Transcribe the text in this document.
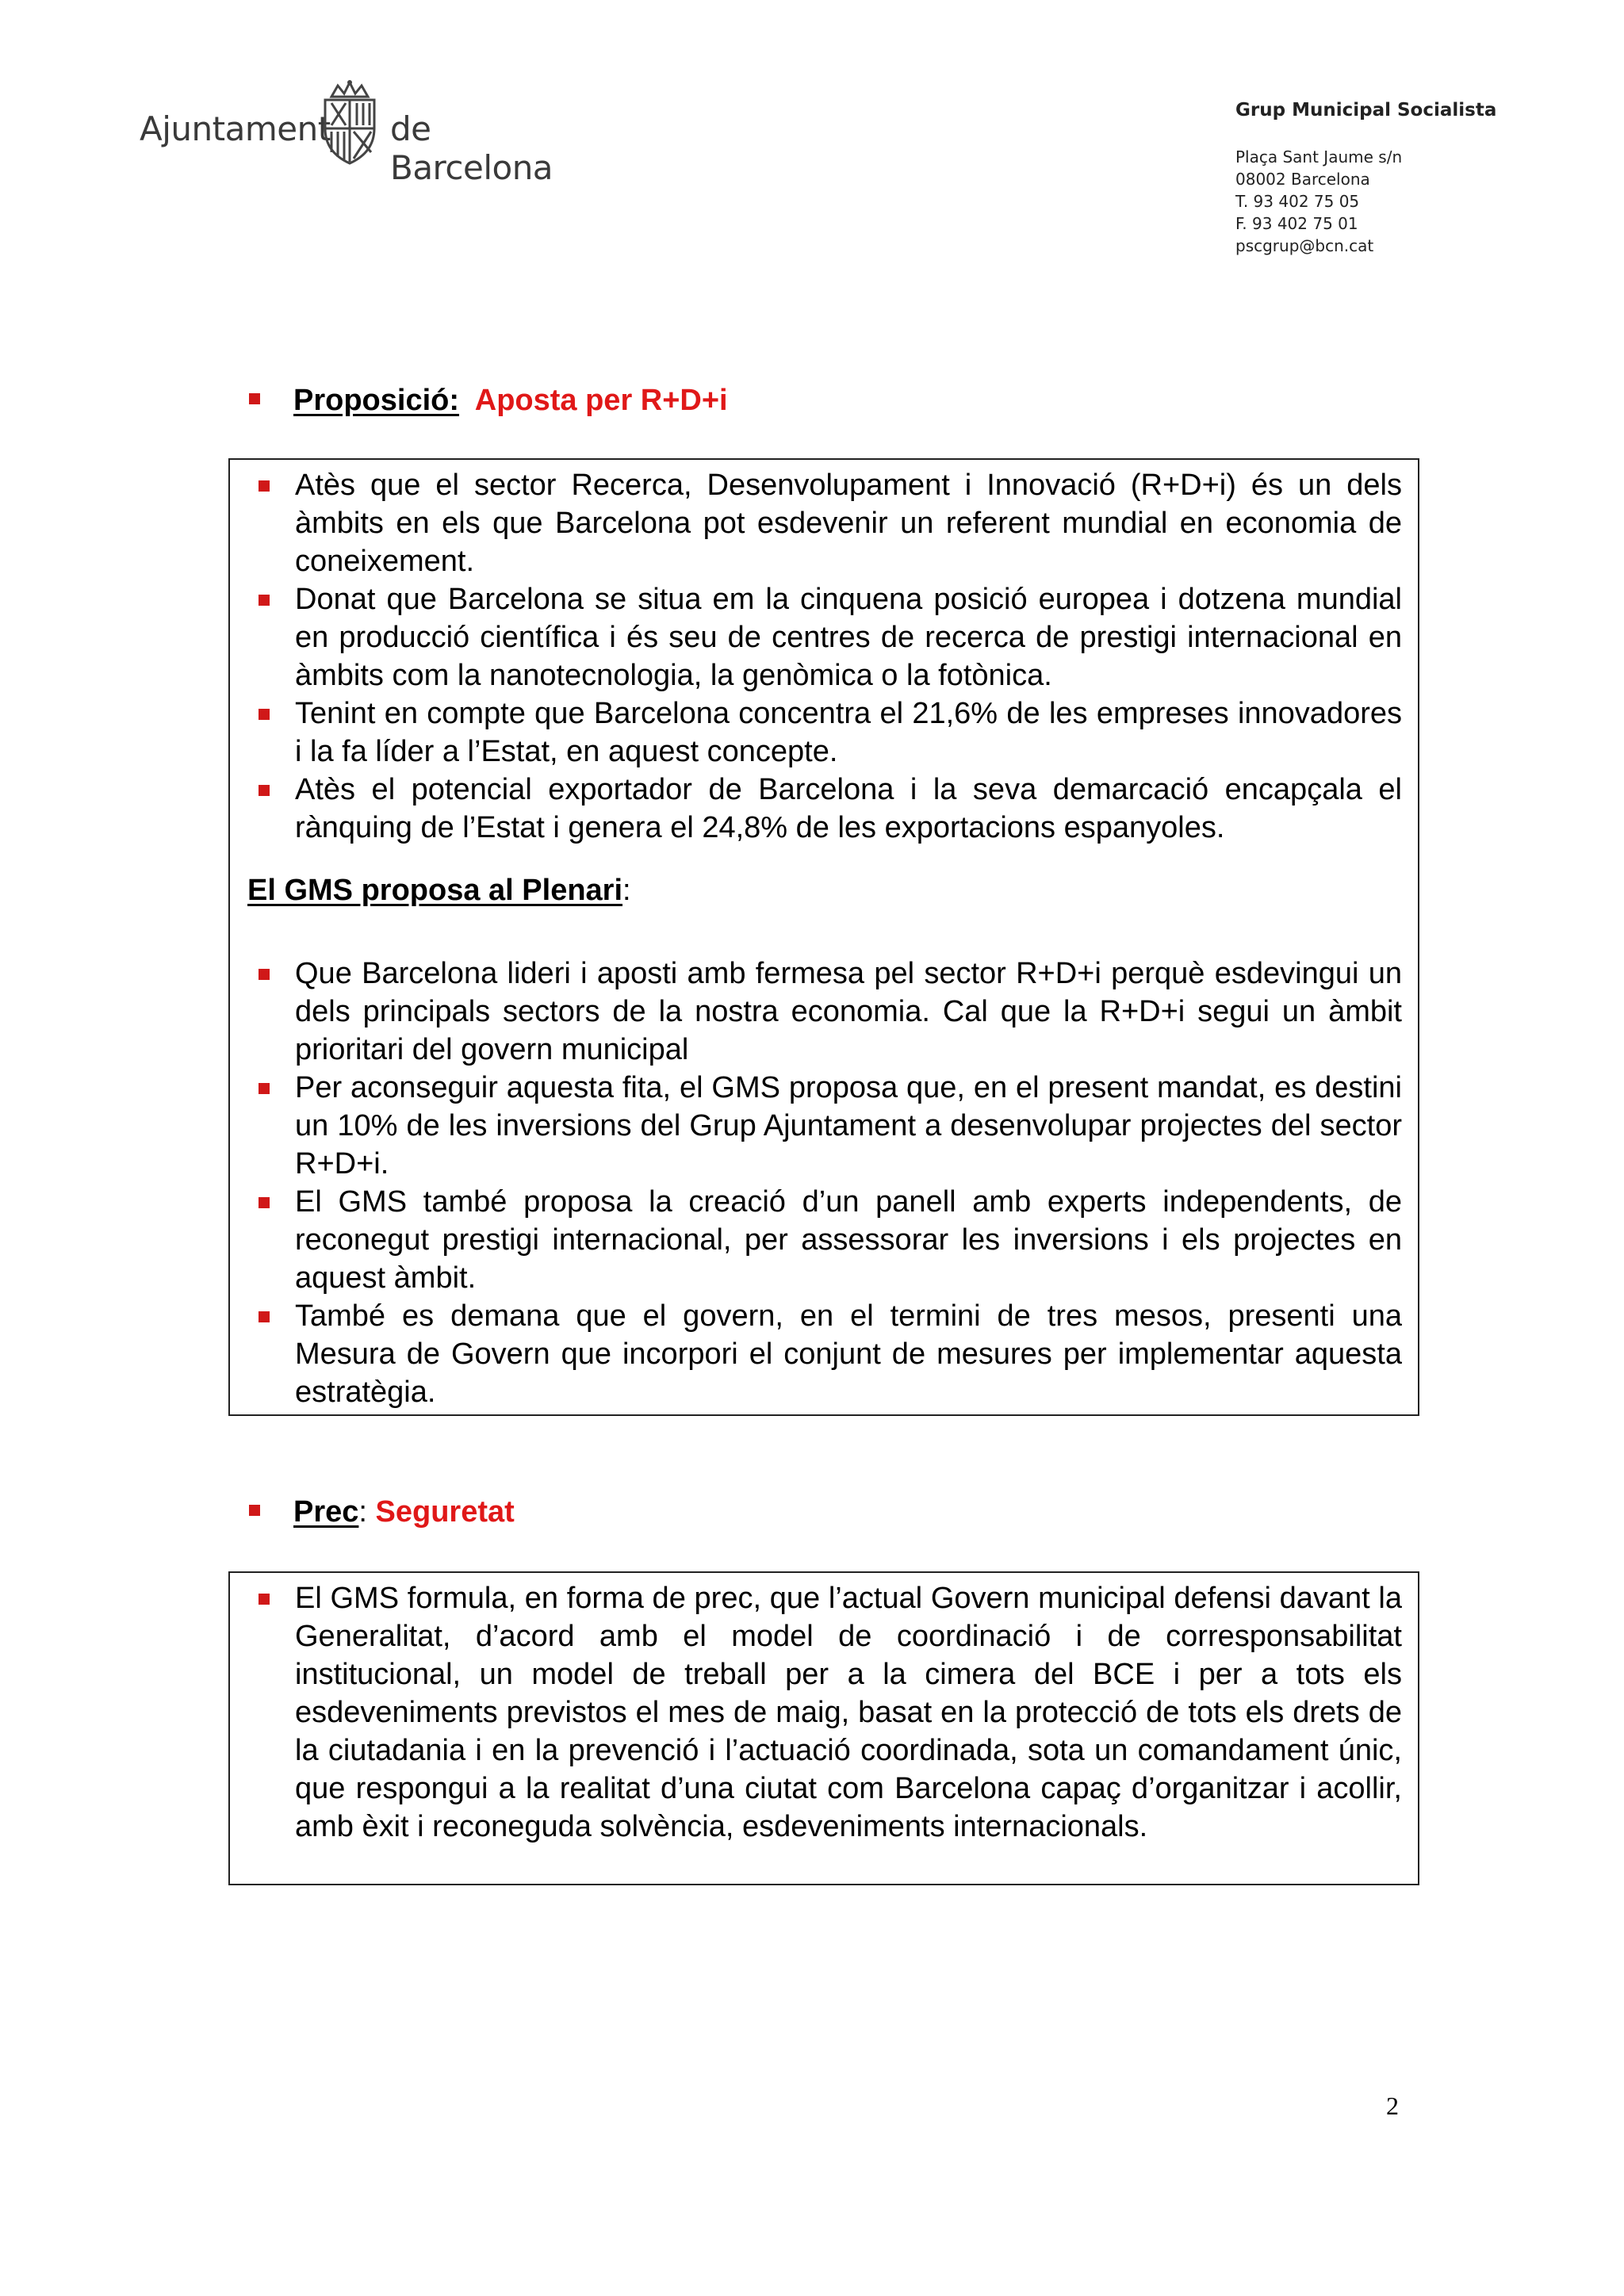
Ajuntament de Barcelona
Grup Municipal Socialista
Plaça Sant Jaume s/n
08002 Barcelona
T. 93 402 75 05
F. 93 402 75 01
pscgrup@bcn.cat
Proposició: Aposta per R+D+i
Atès que el sector Recerca, Desenvolupament i Innovació (R+D+i) és un dels àmbits en els que Barcelona pot esdevenir un referent mundial en economia de coneixement.
Donat que Barcelona se situa em la cinquena posició europea i dotzena mundial en producció científica i és seu de centres de recerca de prestigi internacional en àmbits com la nanotecnologia, la genòmica o la fotònica.
Tenint en compte que Barcelona concentra el 21,6% de les empreses innovadores i la fa líder a l’Estat, en aquest concepte.
Atès el potencial exportador de Barcelona i la seva demarcació encapçala el rànquing de l’Estat i genera el 24,8% de les exportacions espanyoles.
El GMS proposa al Plenari:
Que Barcelona lideri i aposti amb fermesa pel sector R+D+i perquè esdevingui un dels principals sectors de la nostra economia. Cal que la R+D+i segui un àmbit prioritari del govern municipal
Per aconseguir aquesta fita, el GMS proposa que, en el present mandat, es destini un 10% de les inversions del Grup Ajuntament a desenvolupar projectes del sector R+D+i.
El GMS també proposa la creació d’un panell amb experts independents, de reconegut prestigi internacional, per assessorar les inversions i els projectes en aquest àmbit.
També es demana que el govern, en el termini de tres mesos, presenti una Mesura de Govern que incorpori el conjunt de mesures per implementar aquesta estratègia.
Prec: Seguretat
El GMS formula, en forma de prec, que l’actual Govern municipal defensi davant la Generalitat, d’acord amb el model de coordinació i de corresponsabilitat institucional, un model de treball per a la cimera del BCE i per a tots els esdeveniments previstos el mes de maig, basat en la protecció de tots els drets de la ciutadania i en la prevenció i l’actuació coordinada, sota un comandament únic, que respongui a la realitat d’una ciutat com Barcelona capaç d’organitzar i acollir, amb èxit i reconeguda solvència, esdeveniments internacionals.
2
